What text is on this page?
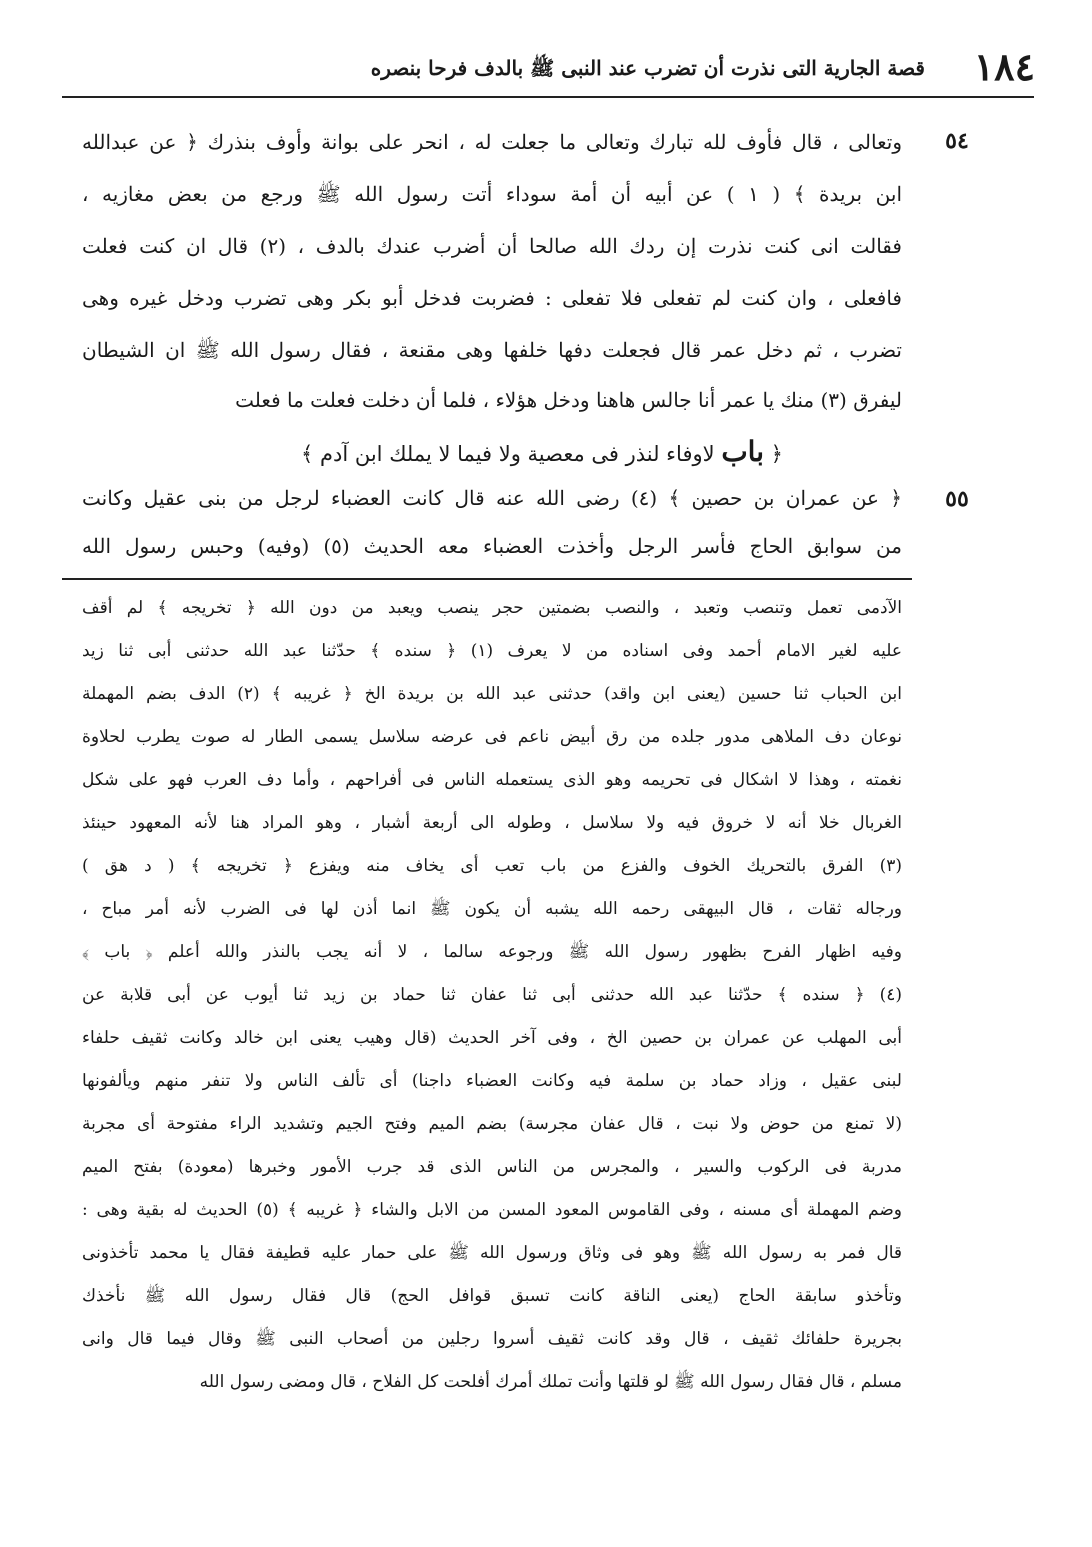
١٨٤
قصة الجارية التى نذرت أن تضرب عند النبى ﷺ بالدف فرحا بنصره
٥٤
وتعالى ، قال فأوف لله تبارك وتعالى ما جعلت له ، انحر على بوانة وأوف بنذرك ﴿ عن عبدالله
ابن بريدة ﴾ ( ١ ) عن أبيه أن أمة سوداء أتت رسول الله ﷺ ورجع من بعض مغازيه ،
فقالت انى كنت نذرت إن ردك الله صالحا أن أضرب عندك بالدف ، (٢) قال ان كنت فعلت
فافعلى ، وان كنت لم تفعلى فلا تفعلى : فضربت فدخل أبو بكر وهى تضرب ودخل غيره وهى
تضرب ، ثم دخل عمر قال فجعلت دفها خلفها وهى مقنعة ، فقال رسول الله ﷺ ان الشيطان
ليفرق (٣) منك يا عمر أنا جالس هاهنا ودخل هؤلاء ، فلما أن دخلت فعلت ما فعلت
﴿ باب لاوفاء لنذر فى معصية ولا فيما لا يملك ابن آدم ﴾
٥٥
﴿ عن عمران بن حصين ﴾ (٤) رضى الله عنه قال كانت العضباء لرجل من بنى عقيل وكانت
من سوابق الحاج فأسر الرجل وأخذت العضباء معه الحديث (٥) (وفيه) وحبس رسول الله
الآدمى تعمل وتنصب وتعبد ، والنصب بضمتين حجر ينصب ويعبد من دون الله ﴿ تخريجه ﴾ لم أقف
عليه لغير الامام أحمد وفى اسناده من لا يعرف (١) ﴿ سنده ﴾ حدّثنا عبد الله حدثنى أبى ثنا زيد
ابن الحباب ثنا حسين (يعنى ابن واقد) حدثنى عبد الله بن بريدة الخ ﴿ غريبه ﴾ (٢) الدف بضم المهملة
نوعان دف الملاهى مدور جلده من رق أبيض ناعم فى عرضه سلاسل يسمى الطار له صوت يطرب لحلاوة
نغمته ، وهذا لا اشكال فى تحريمه وهو الذى يستعمله الناس فى أفراحهم ، وأما دف العرب فهو على شكل
الغربال خلا أنه لا خروق فيه ولا سلاسل ، وطوله الى أربعة أشبار ، وهو المراد هنا لأنه المعهود حينئذ
(٣) الفرق بالتحريك الخوف والفزع من باب تعب أى يخاف منه ويفزع ﴿ تخريجه ﴾ ( د هق )
ورجاله ثقات ، قال البيهقى رحمه الله يشبه أن يكون ﷺ انما أذن لها فى الضرب لأنه أمر مباح ،
وفيه اظهار الفرح بظهور رسول الله ﷺ ورجوعه سالما ، لا أنه يجب بالنذر والله أعلم ﴿ باب ﴾
(٤) ﴿ سنده ﴾ حدّثنا عبد الله حدثنى أبى ثنا عفان ثنا حماد بن زيد ثنا أيوب عن أبى قلابة عن
أبى المهلب عن عمران بن حصين الخ ، وفى آخر الحديث (قال وهيب يعنى ابن خالد وكانت ثقيف حلفاء
لبنى عقيل ، وزاد حماد بن سلمة فيه وكانت العضباء داجنا) أى تألف الناس ولا تنفر منهم ويألفونها
(لا تمنع من حوض ولا نبت ، قال عفان مجرسة) بضم الميم وفتح الجيم وتشديد الراء مفتوحة أى مجربة
مدربة فى الركوب والسير ، والمجرس من الناس الذى قد جرب الأمور وخبرها (معودة) بفتح الميم
وضم المهملة أى مسنه ، وفى القاموس المعود المسن من الابل والشاء ﴿ غريبه ﴾ (٥) الحديث له بقية وهى :
قال فمر به رسول الله ﷺ وهو فى وثاق ورسول الله ﷺ على حمار عليه قطيفة فقال يا محمد تأخذونى
وتأخذو سابقة الحاج (يعنى الناقة كانت تسبق قوافل الحج) قال فقال رسول الله ﷺ نأخذك
بجريرة حلفائك ثقيف ، قال وقد كانت ثقيف أسروا رجلين من أصحاب النبى ﷺ وقال فيما قال وانى
مسلم ، قال فقال رسول الله ﷺ لو قلتها وأنت تملك أمرك أفلحت كل الفلاح ، قال ومضى رسول الله
